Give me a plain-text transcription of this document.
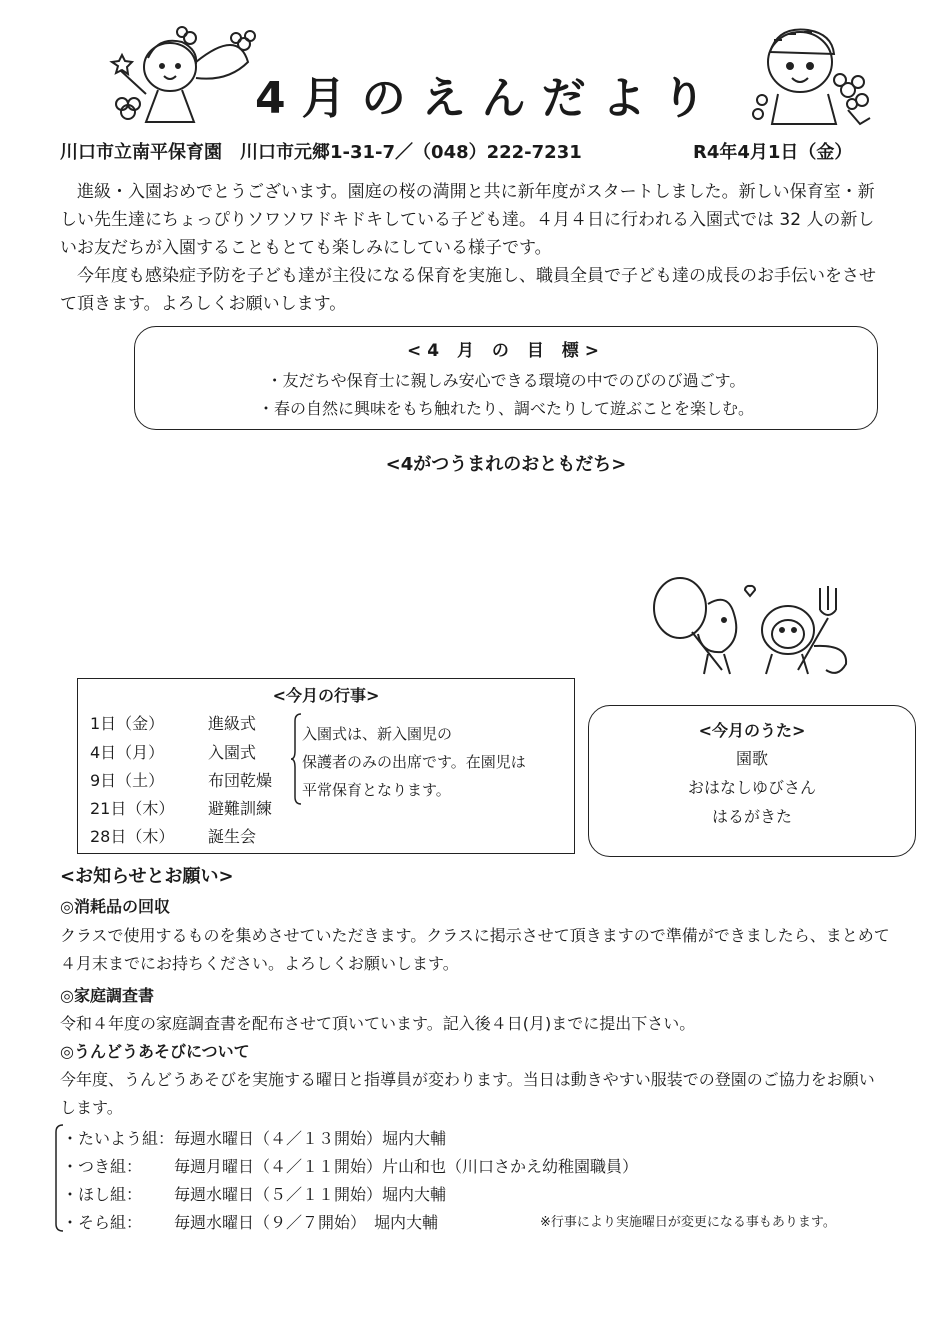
4月のえんだより
川口市立南平保育園　 川口市元郷1-31-7／（048）222-7231	R4年4月1日（金）

進級・入園おめでとうございます。園庭の桜の満開と共に新年度がスタートしました。新しい保育室・新しい先生達にちょっぴりソワソワドキドキしている子ども達。４月４日に行われる入園式では 32 人の新しいお友だちが入園することもとても楽しみにしている様子です。

今年度も感染症予防を子ども達が主役になる保育を実施し、職員全員で子ども達の成長のお手伝いをさせて頂きます。よろしくお願いします。

<4 月 の 目 標>
・友だちや保育士に親しみ安心できる環境の中でのびのび過ごす。
・春の自然に興味をもち触れたり、調べたりして遊ぶことを楽しむ。
<4がつうまれのおともだち>
<今月の行事>
1日（金）	進級式
4日（月）	入園式
9日（土）	布団乾燥
21日（木） 避難訓練
28日（木） 誕生会
入園式は、新入園児の
保護者のみの出席です。在園児は
平常保育となります。
<今月のうた>
園歌
おはなしゆびさん
はるがきた
<お知らせとお願い>
◎消耗品の回収
クラスで使用するものを集めさせていただきます。クラスに掲示させて頂きますので準備ができましたら、まとめて４月末までにお持ちください。よろしくお願いします。
◎家庭調査書
令和４年度の家庭調査書を配布させて頂いています。記入後４日(月)までに提出下さい。
◎うんどうあそびについて
今年度、うんどうあそびを実施する曜日と指導員が変わります。当日は動きやすい服装での登園のご協力をお願いします。
・たいよう組： 毎週水曜日（４／１３開始）堀内大輔
・つき組： 毎週月曜日（４／１１開始）片山和也（川口さかえ幼稚園職員）
・ほし組： 毎週水曜日（５／１１開始）堀内大輔
・そら組： 毎週水曜日（９／７開始）　堀内大輔	※行事により実施曜日が変更になる事もあります。
